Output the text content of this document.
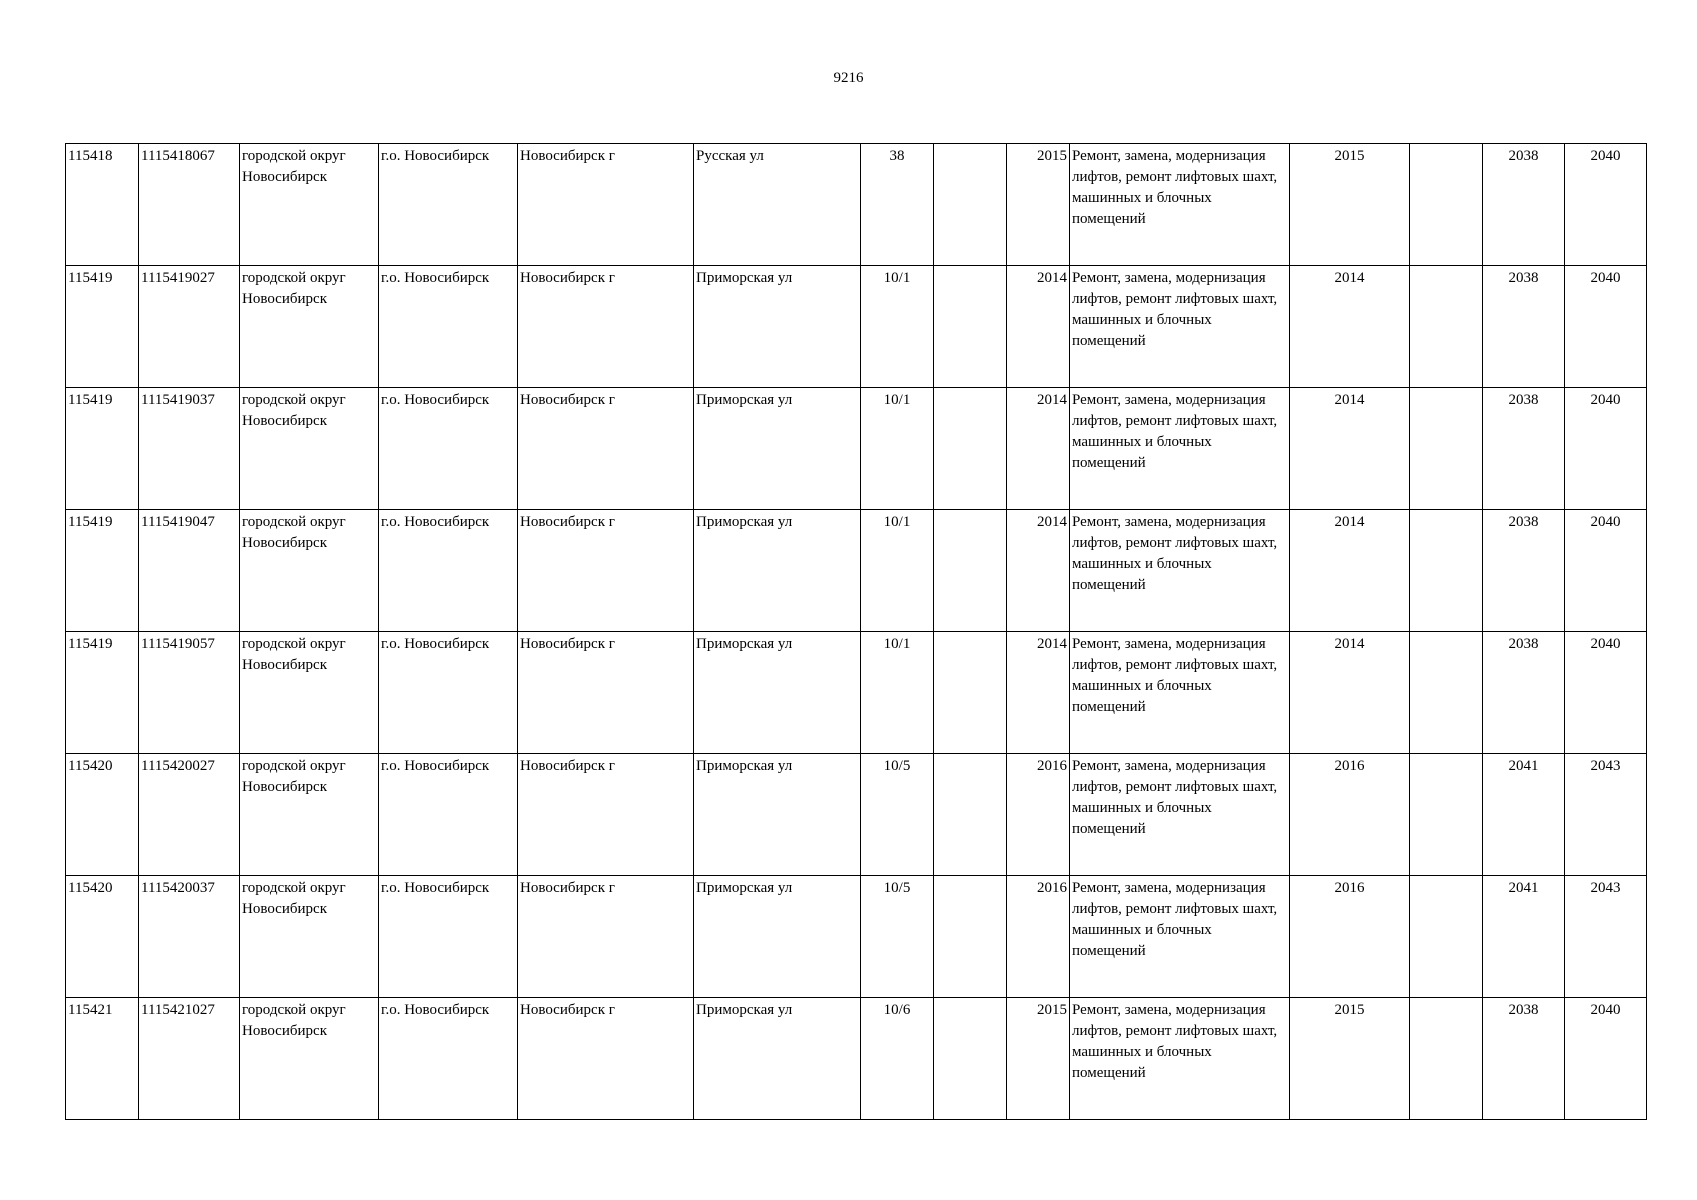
9216
115418	1115418067	городской округ Новосибирск	г.о. Новосибирск	Новосибирск г	Русская ул	38		2015	Ремонт, замена, модернизация лифтов, ремонт лифтовых шахт, машинных и блочных помещений	2015		2038	2040
115419	1115419027	городской округ Новосибирск	г.о. Новосибирск	Новосибирск г	Приморская ул	10/1		2014	Ремонт, замена, модернизация лифтов, ремонт лифтовых шахт, машинных и блочных помещений	2014		2038	2040
115419	1115419037	городской округ Новосибирск	г.о. Новосибирск	Новосибирск г	Приморская ул	10/1		2014	Ремонт, замена, модернизация лифтов, ремонт лифтовых шахт, машинных и блочных помещений	2014		2038	2040
115419	1115419047	городской округ Новосибирск	г.о. Новосибирск	Новосибирск г	Приморская ул	10/1		2014	Ремонт, замена, модернизация лифтов, ремонт лифтовых шахт, машинных и блочных помещений	2014		2038	2040
115419	1115419057	городской округ Новосибирск	г.о. Новосибирск	Новосибирск г	Приморская ул	10/1		2014	Ремонт, замена, модернизация лифтов, ремонт лифтовых шахт, машинных и блочных помещений	2014		2038	2040
115420	1115420027	городской округ Новосибирск	г.о. Новосибирск	Новосибирск г	Приморская ул	10/5		2016	Ремонт, замена, модернизация лифтов, ремонт лифтовых шахт, машинных и блочных помещений	2016		2041	2043
115420	1115420037	городской округ Новосибирск	г.о. Новосибирск	Новосибирск г	Приморская ул	10/5		2016	Ремонт, замена, модернизация лифтов, ремонт лифтовых шахт, машинных и блочных помещений	2016		2041	2043
115421	1115421027	городской округ Новосибирск	г.о. Новосибирск	Новосибирск г	Приморская ул	10/6		2015	Ремонт, замена, модернизация лифтов, ремонт лифтовых шахт, машинных и блочных помещений	2015		2038	2040
